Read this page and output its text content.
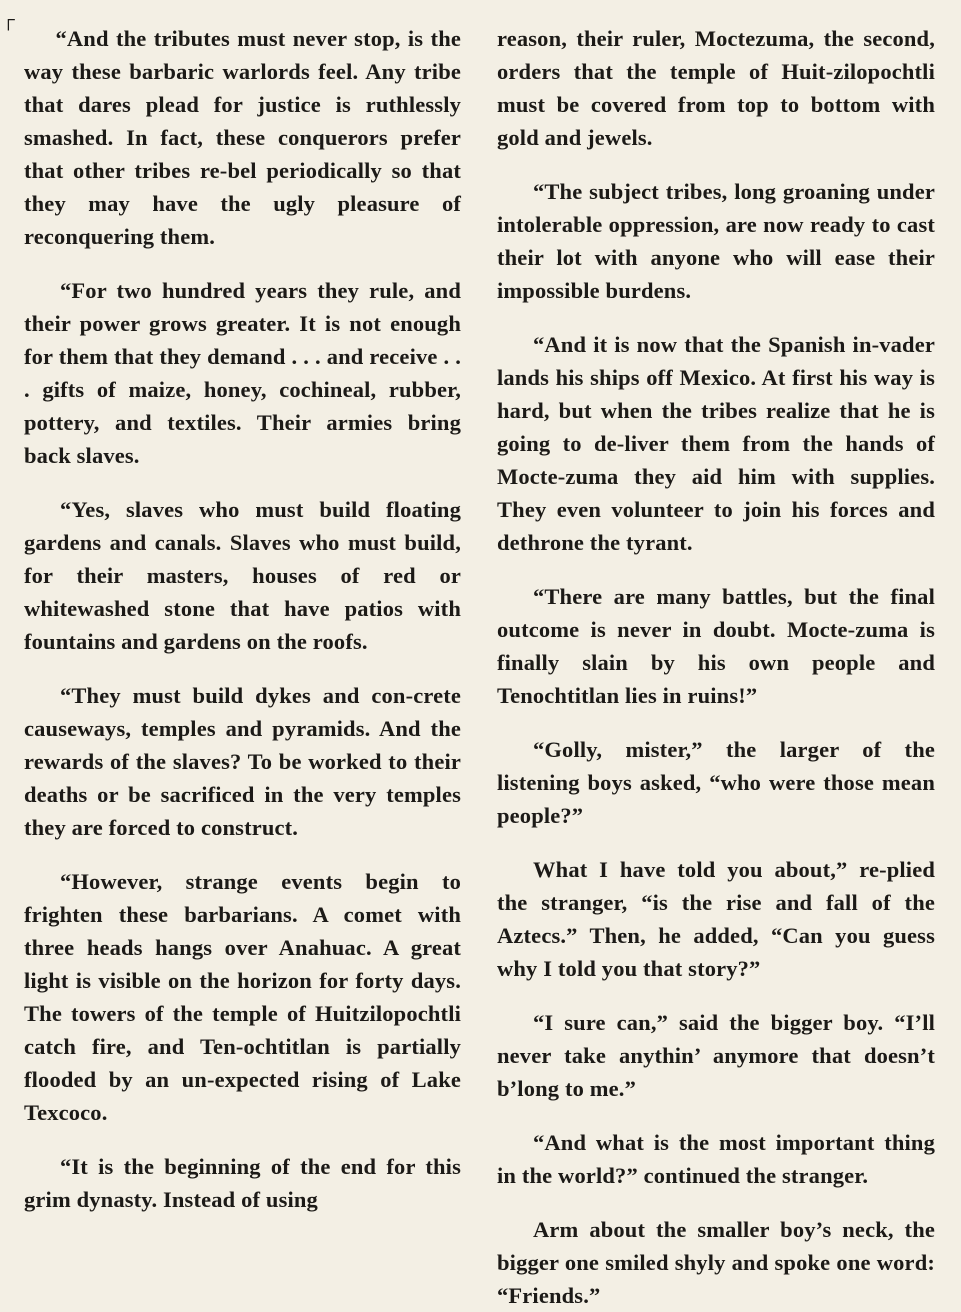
┌

“And the tributes must never stop, is the way these barbaric warlords feel. Any tribe that dares plead for justice is ruthlessly smashed. In fact, these conquerors prefer that other tribes re-bel periodically so that they may have the ugly pleasure of reconquering them.

“For two hundred years they rule, and their power grows greater. It is not enough for them that they demand . . . and receive . . . gifts of maize, honey, cochineal, rubber, pottery, and textiles. Their armies bring back slaves.

“Yes, slaves who must build floating gardens and canals. Slaves who must build, for their masters, houses of red or whitewashed stone that have patios with fountains and gardens on the roofs.

“They must build dykes and con-crete causeways, temples and pyramids. And the rewards of the slaves? To be worked to their deaths or be sacrificed in the very temples they are forced to construct.

“However, strange events begin to frighten these barbarians. A comet with three heads hangs over Anahuac. A great light is visible on the horizon for forty days. The towers of the temple of Huitzilopochtli catch fire, and Ten-ochtitlan is partially flooded by an un-expected rising of Lake Texcoco.

“It is the beginning of the end for this grim dynasty. Instead of using

reason, their ruler, Moctezuma, the second, orders that the temple of Huit-zilopochtli must be covered from top to bottom with gold and jewels.

“The subject tribes, long groaning under intolerable oppression, are now ready to cast their lot with anyone who will ease their impossible burdens.

“And it is now that the Spanish in-vader lands his ships off Mexico. At first his way is hard, but when the tribes realize that he is going to de-liver them from the hands of Mocte-zuma they aid him with supplies. They even volunteer to join his forces and dethrone the tyrant.

“There are many battles, but the final outcome is never in doubt. Mocte-zuma is finally slain by his own people and Tenochtitlan lies in ruins!”

“Golly, mister,” the larger of the listening boys asked, “who were those mean people?”

What I have told you about,” re-plied the stranger, “is the rise and fall of the Aztecs.” Then, he added, “Can you guess why I told you that story?”

“I sure can,” said the bigger boy. “I’ll never take anythin’ anymore that doesn’t b’long to me.”

“And what is the most important thing in the world?” continued the stranger.

Arm about the smaller boy’s neck, the bigger one smiled shyly and spoke one word: “Friends.”
